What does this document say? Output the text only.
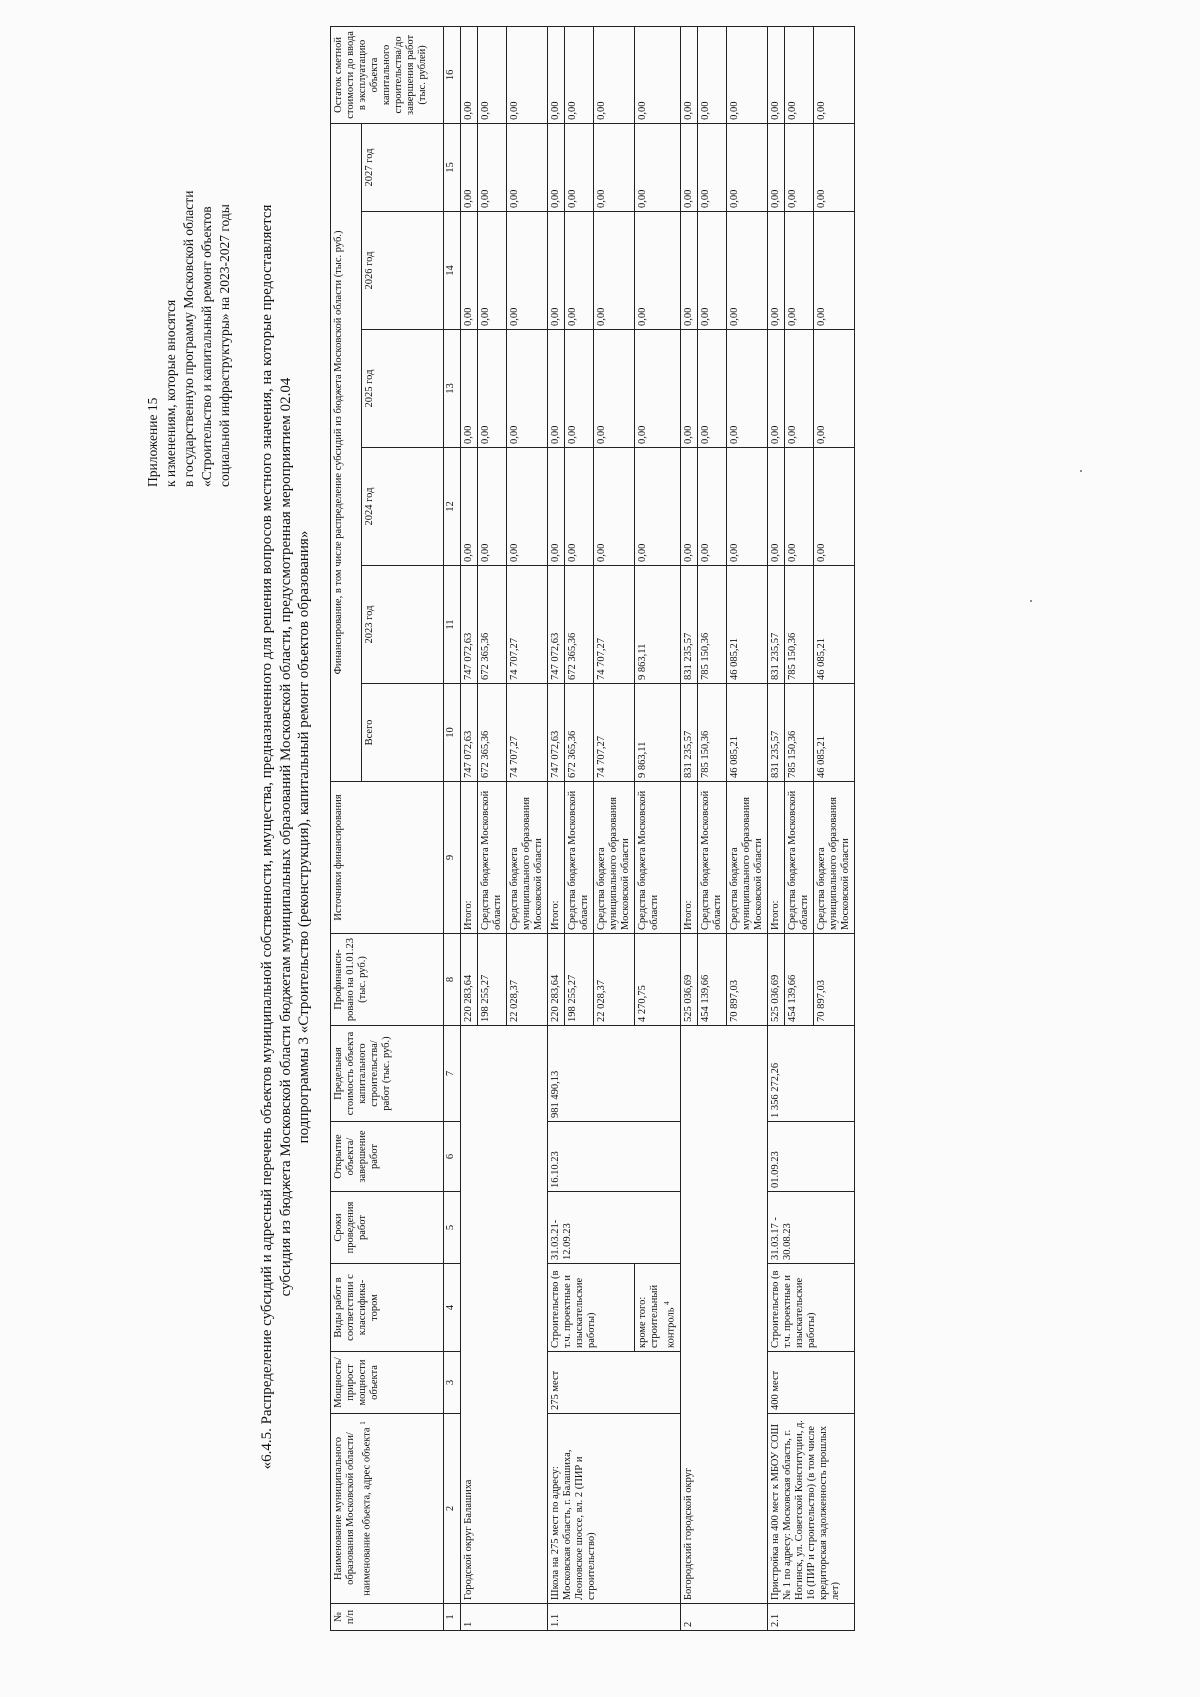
Приложение 15 к изменениям, которые вносятся в государственную программу Московской области «Строительство и капитальный ремонт объектов социальной инфраструктуры» на 2023-2027 годы «6.4.5. Распределение субсидий и адресный перечень объектов муниципальной собственности, имущества, предназначенного для решения вопросов местного значения, на которые предоставляется субсидия из бюджета Московской области бюджетам муниципальных образований Московской области, предусмотренная мероприятием 02.04 подпрограммы 3 «Строительство (реконструкция), капитальный ремонт объектов образования»
№ п/п	Наименование муниципального образования Московской области/ наименование объекта, адрес объекта $^1$	Мощность/ прирост мощности объекта	Виды работ в соответствии с классифика-тором	Сроки проведения работ	Открытие объекта/ завершение работ	Предельная стоимость объекта капитального строительства/ работ (тыс. руб.)	Профинанси-ровано на 01.01.23 (тыс. руб.)	Источники финансирования	Финансирование, в том числе распределение субсидий из бюджета Московской области (тыс. руб.)						Остаток сметной стоимости до ввода в эксплуатацию объекта капитального строительства/до завершения работ (тыс. рублей)
									Всего	2023 год	2024 год	2025 год	2026 год	2027 год	
1	2	3	4	5	6	7	8	9	10	11	12	13	14	15	16
1	Городской округ Балашиха						220 283,64	Итого:	747 072,63	747 072,63	0,00	0,00	0,00	0,00	0,00
							198 255,27	Средства бюджета Московской области	672 365,36	672 365,36	0,00	0,00	0,00	0,00	0,00
							22 028,37	Средства бюджета муниципального образования Московской области	74 707,27	74 707,27	0,00	0,00	0,00	0,00	0,00
1.1	Школа на 275 мест по адресу: Московская область, г. Балашиха, Леоновское шоссе, вл. 2 (ПИР и строительство)	275 мест	Строительство (в т.ч. проектные и изыскательские работы)	31.03.21-12.09.23	16.10.23	981 490,13	220 283,64	Итого:	747 072,63	747 072,63	0,00	0,00	0,00	0,00	0,00
							198 255,27	Средства бюджета Московской области	672 365,36	672 365,36	0,00	0,00	0,00	0,00	0,00
							22 028,37	Средства бюджета муниципального образования Московской области	74 707,27	74 707,27	0,00	0,00	0,00	0,00	0,00
			кроме того: строительный контроль $^4$				4 270,75	Средства бюджета Московской области	9 863,11	9 863,11	0,00	0,00	0,00	0,00	0,00
2	Богородский городской округ						525 036,69	Итого:	831 235,57	831 235,57	0,00	0,00	0,00	0,00	0,00
							454 139,66	Средства бюджета Московской области	785 150,36	785 150,36	0,00	0,00	0,00	0,00	0,00
							70 897,03	Средства бюджета муниципального образования Московской области	46 085,21	46 085,21	0,00	0,00	0,00	0,00	0,00
2.1	Пристройка на 400 мест к МБОУ СОШ № 1 по адресу: Московская область, г. Ногинск, ул. Советской Конституции, д. 16 (ПИР и строительство) (в том числе кредиторская задолженность прошлых лет)	400 мест	Строительство (в т.ч. проектные и изыскательские работы)	31.03.17 - 30.08.23	01.09.23	1 356 272,26	525 036,69	Итого:	831 235,57	831 235,57	0,00	0,00	0,00	0,00	0,00
							454 139,66	Средства бюджета Московской области	785 150,36	785 150,36	0,00	0,00	0,00	0,00	0,00
							70 897,03	Средства бюджета муниципального образования Московской области	46 085,21	46 085,21	0,00	0,00	0,00	0,00	0,00
